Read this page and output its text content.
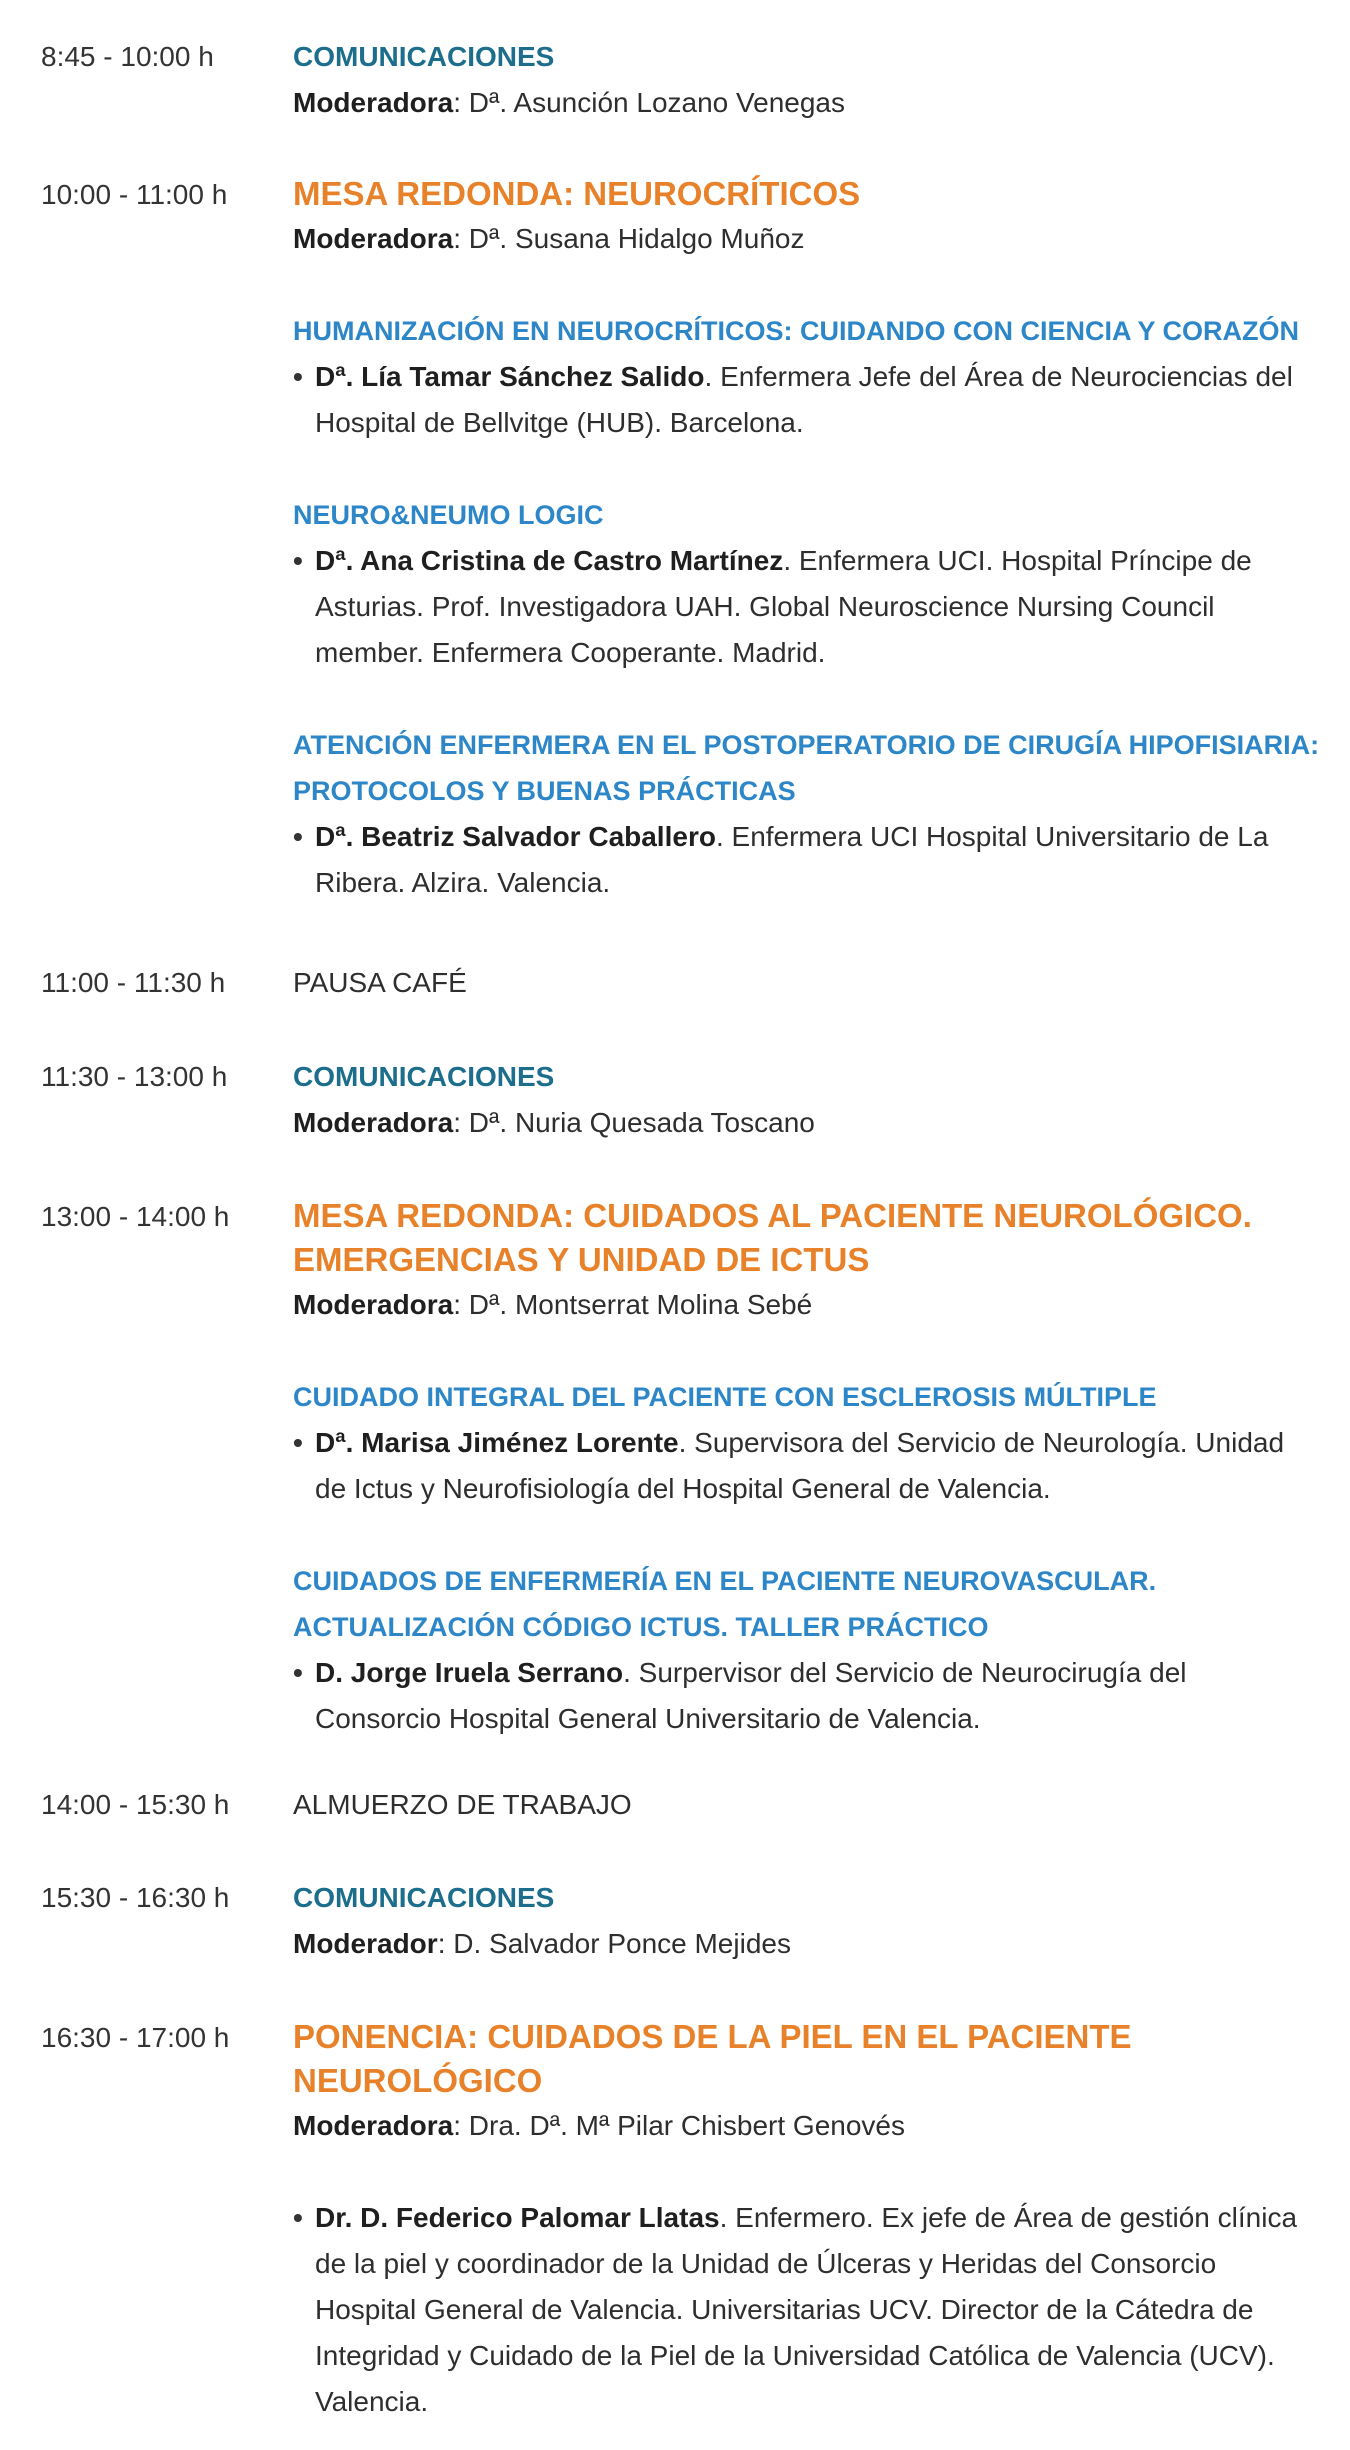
8:45 - 10:00 h	COMUNICACIONES
Moderadora: Dª. Asunción Lozano Venegas
10:00 - 11:00 h MESA REDONDA: NEUROCRÍTICOS
Moderadora: Dª. Susana Hidalgo Muñoz
HUMANIZACIÓN EN NEUROCRÍTICOS: CUIDANDO CON CIENCIA Y CORAZÓN
• Dª. Lía Tamar Sánchez Salido. Enfermera Jefe del Área de Neurociencias del
Hospital de Bellvitge (HUB). Barcelona.
NEURO&NEUMO LOGIC
• Dª. Ana Cristina de Castro Martínez. Enfermera UCI. Hospital Príncipe de
Asturias. Prof. Investigadora UAH. Global Neuroscience Nursing Council
member. Enfermera Cooperante. Madrid.
ATENCIÓN ENFERMERA EN EL POSTOPERATORIO DE CIRUGÍA HIPOFISIARIA:
PROTOCOLOS Y BUENAS PRÁCTICAS
• Dª. Beatriz Salvador Caballero. Enfermera UCI Hospital Universitario de La
Ribera. Alzira. Valencia.
11:00 - 11:30 h PAUSA CAFÉ
11:30 - 13:00 h COMUNICACIONES
Moderadora: Dª. Nuria Quesada Toscano
13:00 - 14:00 h MESA REDONDA: CUIDADOS AL PACIENTE NEUROLÓGICO.
EMERGENCIAS Y UNIDAD DE ICTUS
Moderadora: Dª. Montserrat Molina Sebé
CUIDADO INTEGRAL DEL PACIENTE CON ESCLEROSIS MÚLTIPLE
• Dª. Marisa Jiménez Lorente. Supervisora del Servicio de Neurología. Unidad
de Ictus y Neurofisiología del Hospital General de Valencia.
CUIDADOS DE ENFERMERÍA EN EL PACIENTE NEUROVASCULAR.
ACTUALIZACIÓN CÓDIGO ICTUS. TALLER PRÁCTICO
• D. Jorge Iruela Serrano. Surpervisor del Servicio de Neurocirugía del
Consorcio Hospital General Universitario de Valencia.
14:00 - 15:30 h ALMUERZO DE TRABAJO
15:30 - 16:30 h COMUNICACIONES
Moderador: D. Salvador Ponce Mejides
16:30 - 17:00 h PONENCIA: CUIDADOS DE LA PIEL EN EL PACIENTE
NEUROLÓGICO
Moderadora: Dra. Dª. Mª Pilar Chisbert Genovés
• Dr. D. Federico Palomar Llatas. Enfermero. Ex jefe de Área de gestión clínica
de la piel y coordinador de la Unidad de Úlceras y Heridas del Consorcio
Hospital General de Valencia. Universitarias UCV. Director de la Cátedra de
Integridad y Cuidado de la Piel de la Universidad Católica de Valencia (UCV).
Valencia.
